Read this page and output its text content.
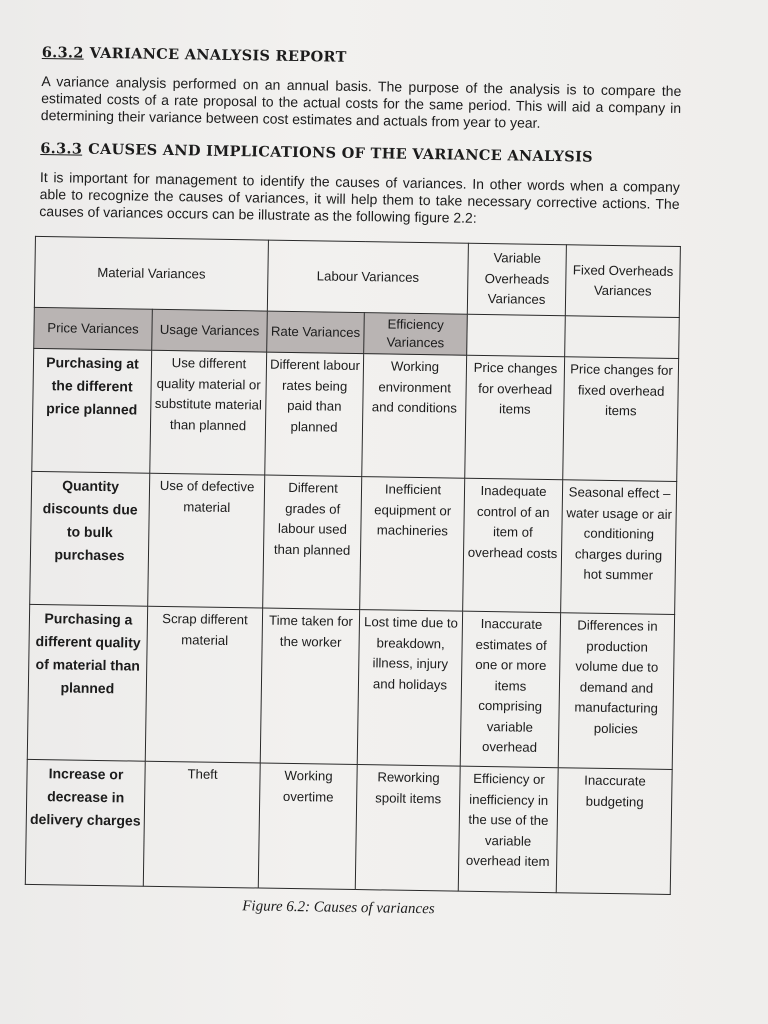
6.3.2 VARIANCE ANALYSIS REPORT

A variance analysis performed on an annual basis. The purpose of the analysis is to compare the estimated costs of a rate proposal to the actual costs for the same period. This will aid a company in determining their variance between cost estimates and actuals from year to year.

6.3.3 CAUSES AND IMPLICATIONS OF THE VARIANCE ANALYSIS

It is important for management to identify the causes of variances. In other words when a company able to recognize the causes of variances, it will help them to take necessary corrective actions. The causes of variances occurs can be illustrate as the following figure 2.2:

Material Variances		Labour Variances		Variable Overheads Variances	Fixed Overheads Variances
Price Variances	Usage Variances	Rate Variances	Efficiency Variances		
Purchasing at the different price planned	Use different quality material or substitute material than planned	Different labour rates being paid than planned	Working environment and conditions	Price changes for overhead items	Price changes for fixed overhead items
Quantity discounts due to bulk purchases	Use of defective material	Different grades of labour used than planned	Inefficient equipment or machineries	Inadequate control of an item of overhead costs	Seasonal effect – water usage or air conditioning charges during hot summer
Purchasing a different quality of material than planned	Scrap different material	Time taken for the worker	Lost time due to breakdown, illness, injury and holidays	Inaccurate estimates of one or more items comprising variable overhead	Differences in production volume due to demand and manufacturing policies
Increase or decrease in delivery charges	Theft	Working overtime	Reworking spoilt items	Efficiency or inefficiency in the use of the variable overhead item	Inaccurate budgeting
Figure 6.2: Causes of variances
